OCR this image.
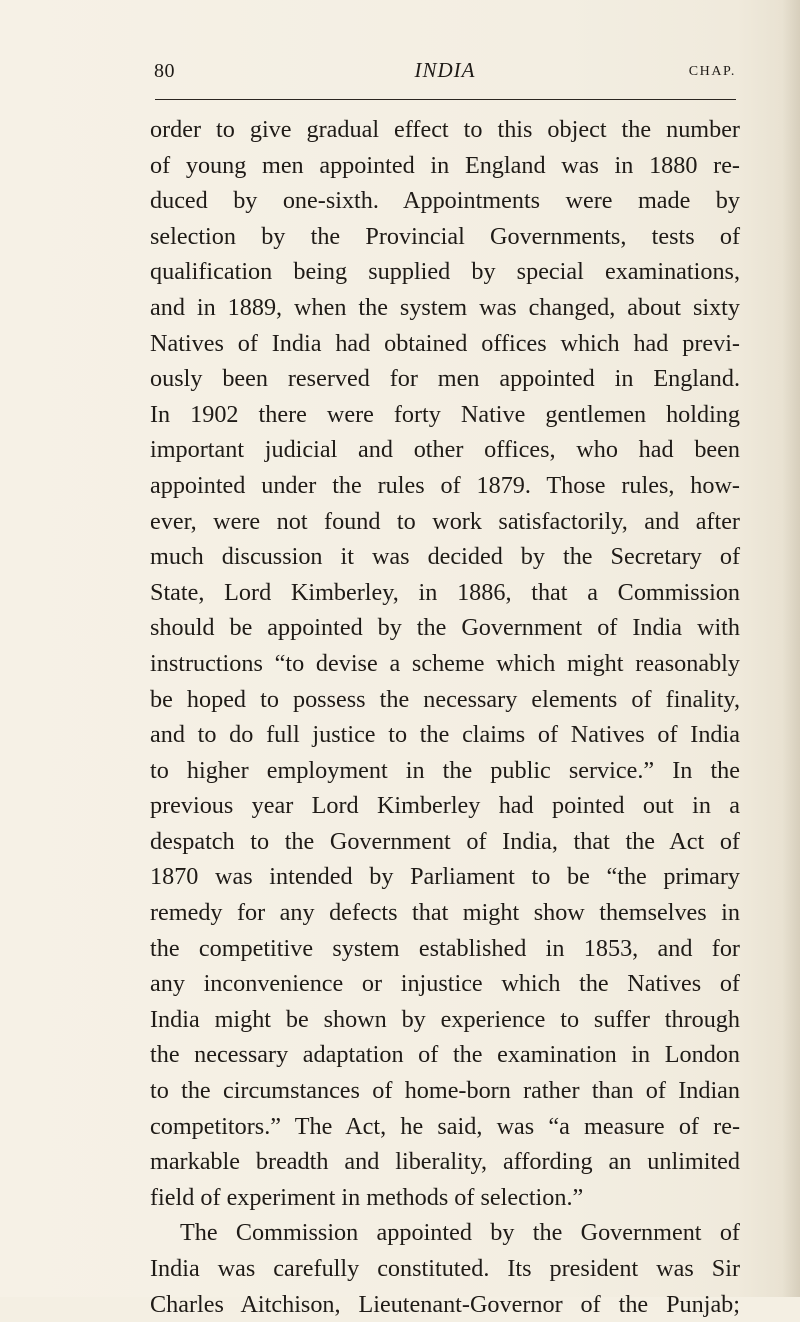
80	INDIA	CHAP.
order to give gradual effect to this object the number
of young men appointed in England was in 1880 re-
duced by one-sixth. Appointments were made by
selection by the Provincial Governments, tests of
qualification being supplied by special examinations,
and in 1889, when the system was changed, about sixty
Natives of India had obtained offices which had previ-
ously been reserved for men appointed in England.
In 1902 there were forty Native gentlemen holding
important judicial and other offices, who had been
appointed under the rules of 1879. Those rules, how-
ever, were not found to work satisfactorily, and after
much discussion it was decided by the Secretary of
State, Lord Kimberley, in 1886, that a Commission
should be appointed by the Government of India with
instructions “to devise a scheme which might reasonably
be hoped to possess the necessary elements of finality,
and to do full justice to the claims of Natives of India
to higher employment in the public service.” In the
previous year Lord Kimberley had pointed out in a
despatch to the Government of India, that the Act of
1870 was intended by Parliament to be “the primary
remedy for any defects that might show themselves in
the competitive system established in 1853, and for
any inconvenience or injustice which the Natives of
India might be shown by experience to suffer through
the necessary adaptation of the examination in London
to the circumstances of home-born rather than of Indian
competitors.” The Act, he said, was “a measure of re-
markable breadth and liberality, affording an unlimited
field of experiment in methods of selection.”
The Commission appointed by the Government of
India was carefully constituted. Its president was Sir
Charles Aitchison, Lieutenant-Governor of the Punjab;
